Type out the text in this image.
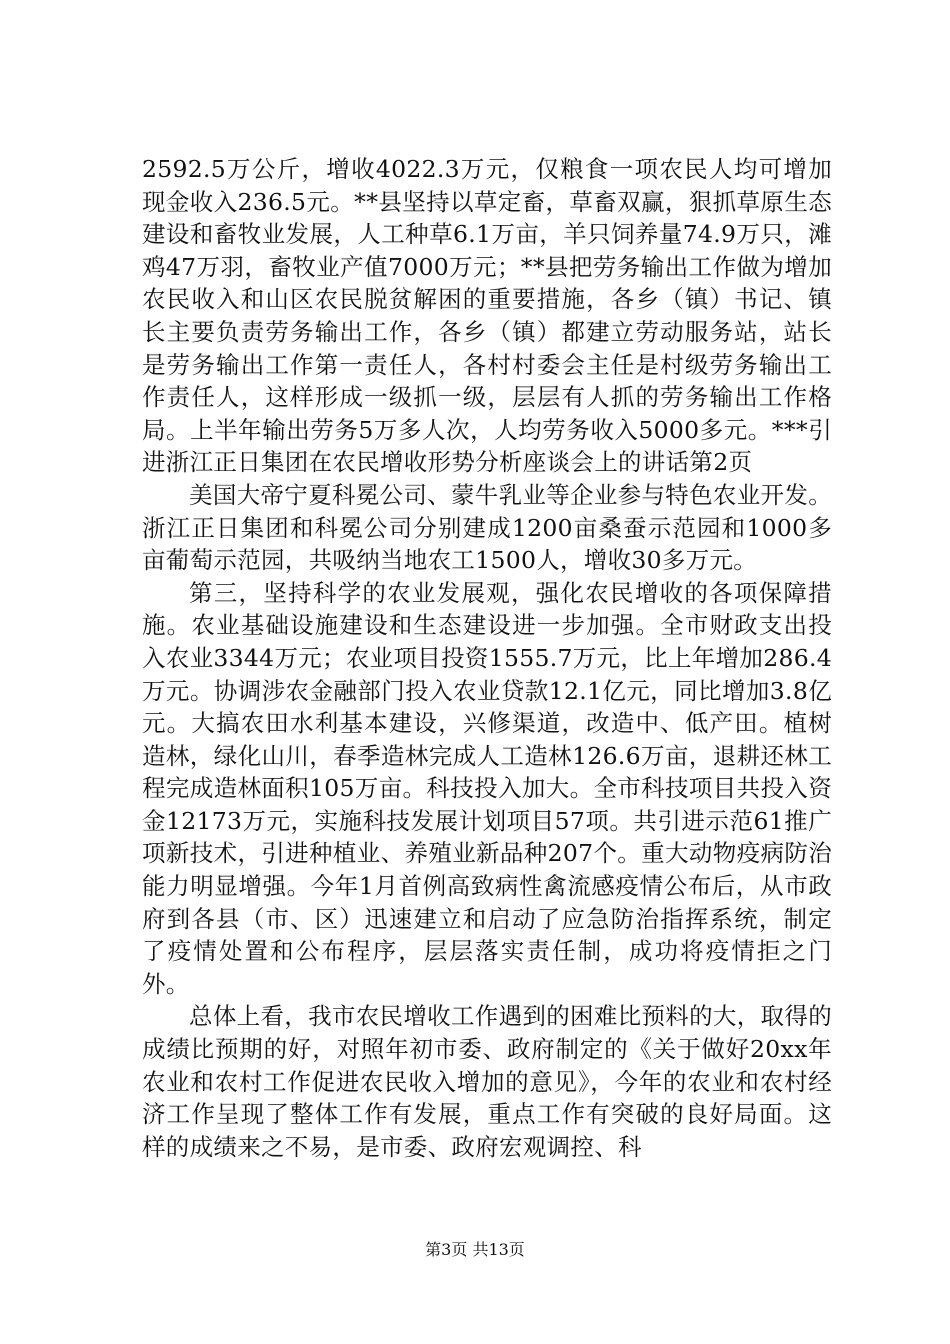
2592.5万公斤，增收4022.3万元，仅粮食一项农民人均可增加现金收入236.5元。**县坚持以草定畜，草畜双赢，狠抓草原生态建设和畜牧业发展，人工种草6.1万亩，羊只饲养量74.9万只，滩鸡47万羽，畜牧业产值7000万元；**县把劳务输出工作做为增加农民收入和山区农民脱贫解困的重要措施，各乡（镇）书记、镇长主要负责劳务输出工作，各乡（镇）都建立劳动服务站，站长是劳务输出工作第一责任人，各村村委会主任是村级劳务输出工作责任人，这样形成一级抓一级，层层有人抓的劳务输出工作格局。上半年输出劳务5万多人次，人均劳务收入5000多元。***引进浙江正日集团在农民增收形势分析座谈会上的讲话第2页

美国大帝宁夏科冕公司、蒙牛乳业等企业参与特色农业开发。浙江正日集团和科冕公司分别建成1200亩桑蚕示范园和1000多亩葡萄示范园，共吸纳当地农工1500人，增收30多万元。

第三，坚持科学的农业发展观，强化农民增收的各项保障措施。农业基础设施建设和生态建设进一步加强。全市财政支出投入农业3344万元；农业项目投资1555.7万元，比上年增加286.4万元。协调涉农金融部门投入农业贷款12.1亿元，同比增加3.8亿元。大搞农田水利基本建设，兴修渠道，改造中、低产田。植树造林，绿化山川，春季造林完成人工造林126.6万亩，退耕还林工程完成造林面积105万亩。科技投入加大。全市科技项目共投入资金12173万元，实施科技发展计划项目57项。共引进示范61推广项新技术，引进种植业、养殖业新品种207个。重大动物疫病防治能力明显增强。今年1月首例高致病性禽流感疫情公布后，从市政府到各县（市、区）迅速建立和启动了应急防治指挥系统，制定了疫情处置和公布程序，层层落实责任制，成功将疫情拒之门外。

总体上看，我市农民增收工作遇到的困难比预料的大，取得的成绩比预期的好，对照年初市委、政府制定的《关于做好20xx年农业和农村工作促进农民收入增加的意见》，今年的农业和农村经济工作呈现了整体工作有发展，重点工作有突破的良好局面。这样的成绩来之不易，是市委、政府宏观调控、科

第3页 共13页
